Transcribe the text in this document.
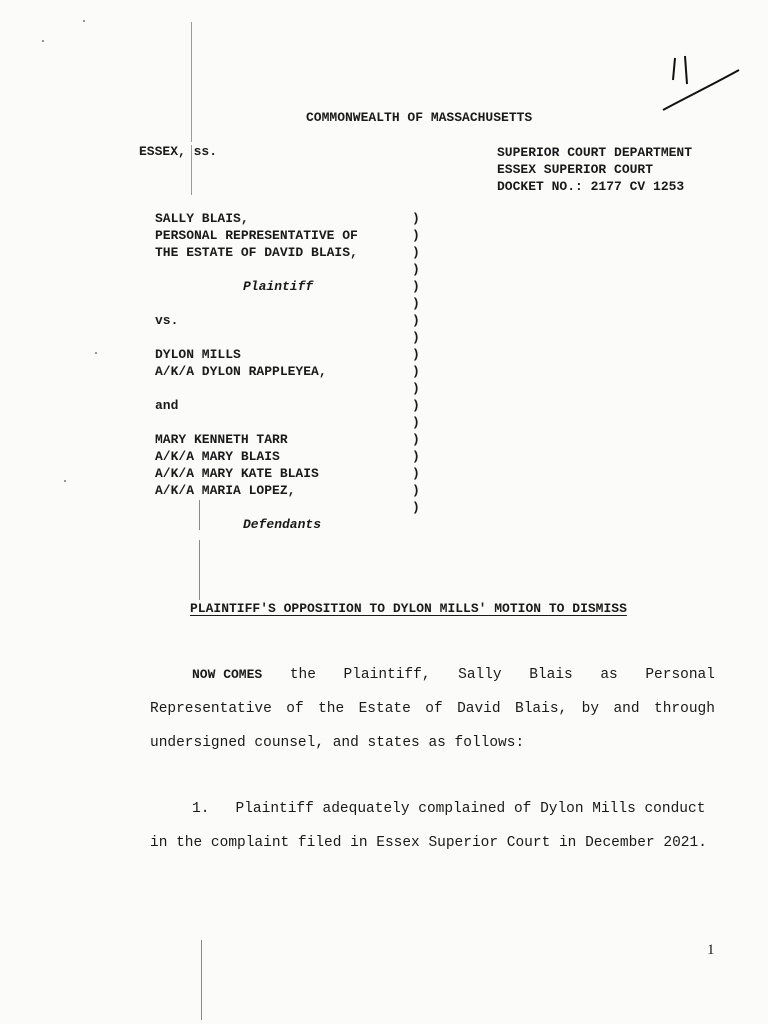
COMMONWEALTH OF MASSACHUSETTS
ESSEX, ss.	SUPERIOR COURT DEPARTMENT
ESSEX SUPERIOR COURT
DOCKET NO.: 2177 CV 1253
SALLY BLAIS,
PERSONAL REPRESENTATIVE OF
THE ESTATE OF DAVID BLAIS,
Plaintiff
vs.
DYLON MILLS
A/K/A DYLON RAPPLEYEA,
and
MARY KENNETH TARR
A/K/A MARY BLAIS
A/K/A MARY KATE BLAIS
A/K/A MARIA LOPEZ,
Defendants
)
)
)
)
)
)
)
)
)
)
)
)
)
)
)
)
)
)
PLAINTIFF'S OPPOSITION TO DYLON MILLS' MOTION TO DISMISS
NOW COMES the Plaintiff, Sally Blais as Personal
Representative of the Estate of David Blais, by and through
undersigned counsel, and states as follows:
1. Plaintiff adequately complained of Dylon Mills conduct
in the complaint filed in Essex Superior Court in December 2021.
1
